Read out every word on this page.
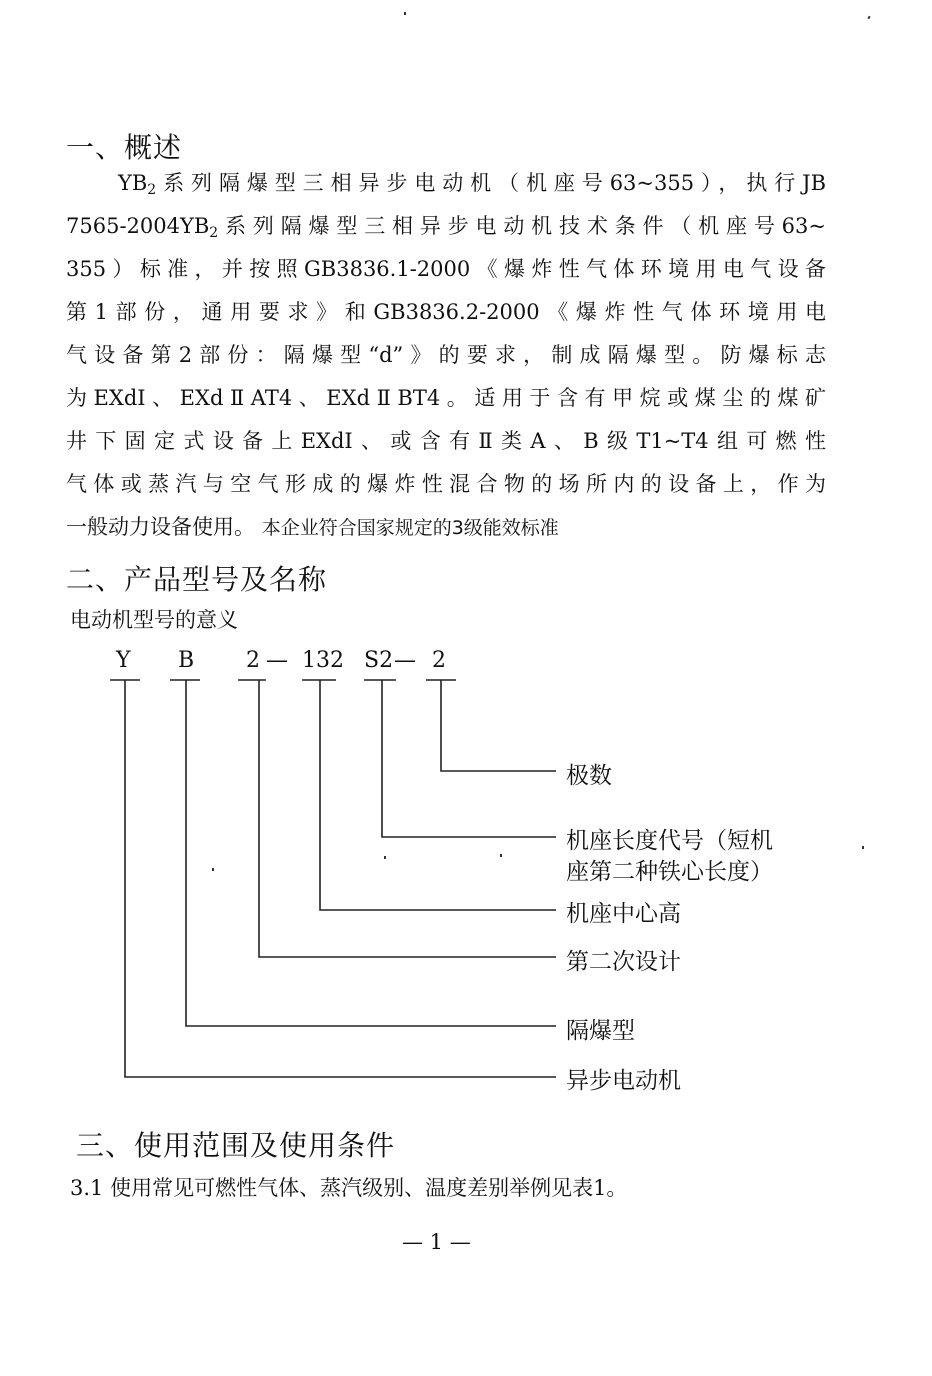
一、概述
$YB_2$系列隔爆型三相异步电动机（机座号63~355），执行JB
$7565-2004YB_2$系列隔爆型三相异步电动机技术条件（机座号63~
355）标准，并按照GB3836.1-2000《爆炸性气体环境用电气设备
第1部份，通用要求》和GB3836.2-2000《爆炸性气体环境用电
气设备第2部份：隔爆型“d”》的要求，制成隔爆型。防爆标志
为EXdI、EXdⅡAT4、EXdⅡBT4。适用于含有甲烷或煤尘的煤矿
井下固定式设备上EXdI、或含有Ⅱ类A、B级T1~T4组可燃性
气体或蒸汽与空气形成的爆炸性混合物的场所内的设备上，作为
一般动力设备使用。 本企业符合国家规定的3级能效标准
二、产品型号及名称
电动机型号的意义
Y B 2 — 132 S2 — 2
极数
机座长度代号（短机
座第二种铁心长度）
机座中心高
第二次设计
隔爆型
异步电动机
三、使用范围及使用条件
3.1 使用常见可燃性气体、蒸汽级别、温度差别举例见表1。
— 1 —
